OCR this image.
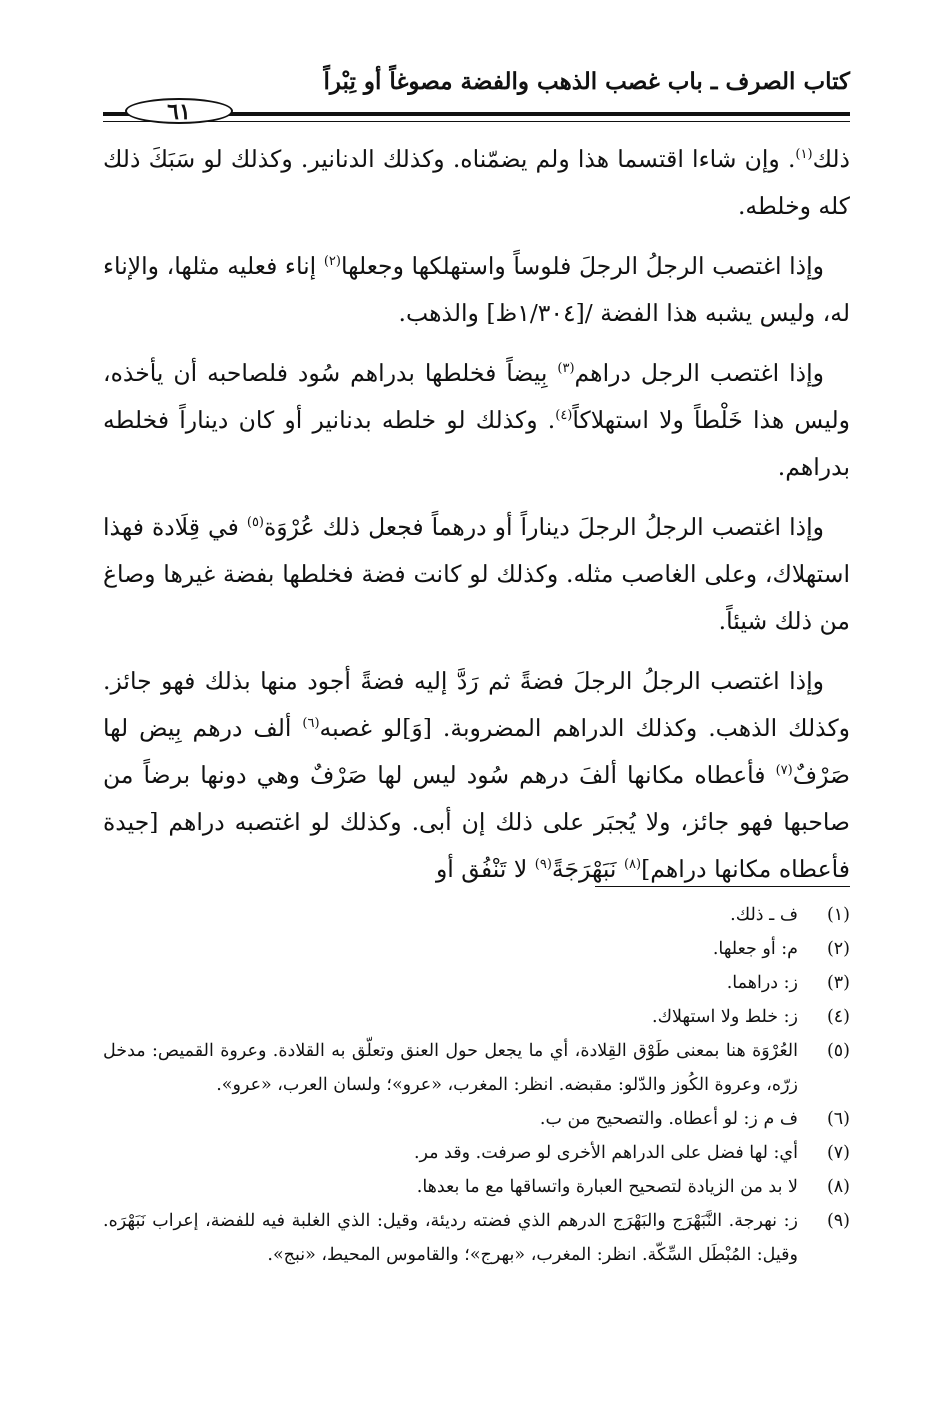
كتاب الصرف ـ باب غصب الذهب والفضة مصوغاً أو تِبْراً
٦١

ذلك$^{(١)}$. وإن شاءا اقتسما هذا ولم يضمّناه. وكذلك الدنانير. وكذلك لو سَبَكَ ذلك كله وخلطه.

وإذا اغتصب الرجلُ الرجلَ فلوساً واستهلكها وجعلها$^{(٢)}$ إناء فعليه مثلها، والإناء له، وليس يشبه هذا الفضة /[١/٣٠٤ظ] والذهب.

وإذا اغتصب الرجل دراهم$^{(٣)}$ بِيضاً فخلطها بدراهم سُود فلصاحبه أن يأخذه، وليس هذا خَلْطاً ولا استهلاكاً$^{(٤)}$. وكذلك لو خلطه بدنانير أو كان ديناراً فخلطه بدراهم.

وإذا اغتصب الرجلُ الرجلَ ديناراً أو درهماً فجعل ذلك عُرْوَة$^{(٥)}$ في قِلَادة فهذا استهلاك، وعلى الغاصب مثله. وكذلك لو كانت فضة فخلطها بفضة غيرها وصاغ من ذلك شيئاً.

وإذا اغتصب الرجلُ الرجلَ فضةً ثم رَدَّ إليه فضةً أجود منها بذلك فهو جائز. وكذلك الذهب. وكذلك الدراهم المضروبة. [وَ]لو غصبه$^{(٦)}$ ألف درهم بِيض لها صَرْفٌ$^{(٧)}$ فأعطاه مكانها ألفَ درهم سُود ليس لها صَرْفٌ وهي دونها برضاً من صاحبها فهو جائز، ولا يُجبَر على ذلك إن أبى. وكذلك لو اغتصبه دراهم [جيدة فأعطاه مكانها دراهم]$^{(٨)}$ نَبَهْرَجَةً$^{(٩)}$ لا تَنْفُق أو

(١)
ف ـ ذلك.
(٢)
م: أو جعلها.
(٣)
ز: دراهما.
(٤)
ز: خلط ولا استهلاك.
(٥)
العُرْوَة هنا بمعنى طَوْق القِلادة، أي ما يجعل حول العنق وتعلّق به القلادة. وعروة القميص: مدخل زرّه، وعروة الكُوز والدّلو: مقبضه. انظر: المغرب، «عرو»؛ ولسان العرب، «عرو».
(٦)
ف م ز: لو أعطاه. والتصحيح من ب.
(٧)
أي: لها فضل على الدراهم الأخرى لو صرفت. وقد مر.
(٨)
لا بد من الزيادة لتصحيح العبارة واتساقها مع ما بعدها.
(٩)
ز: نهرجة. النَّبَهْرَج والبَهْرَج الدرهم الذي فضته رديئة، وقيل: الذي الغلبة فيه للفضة، إعراب نَبَهْرَه. وقيل: المُبْطَل السِّكّة. انظر: المغرب، «بهرج»؛ والقاموس المحيط، «نبج».
